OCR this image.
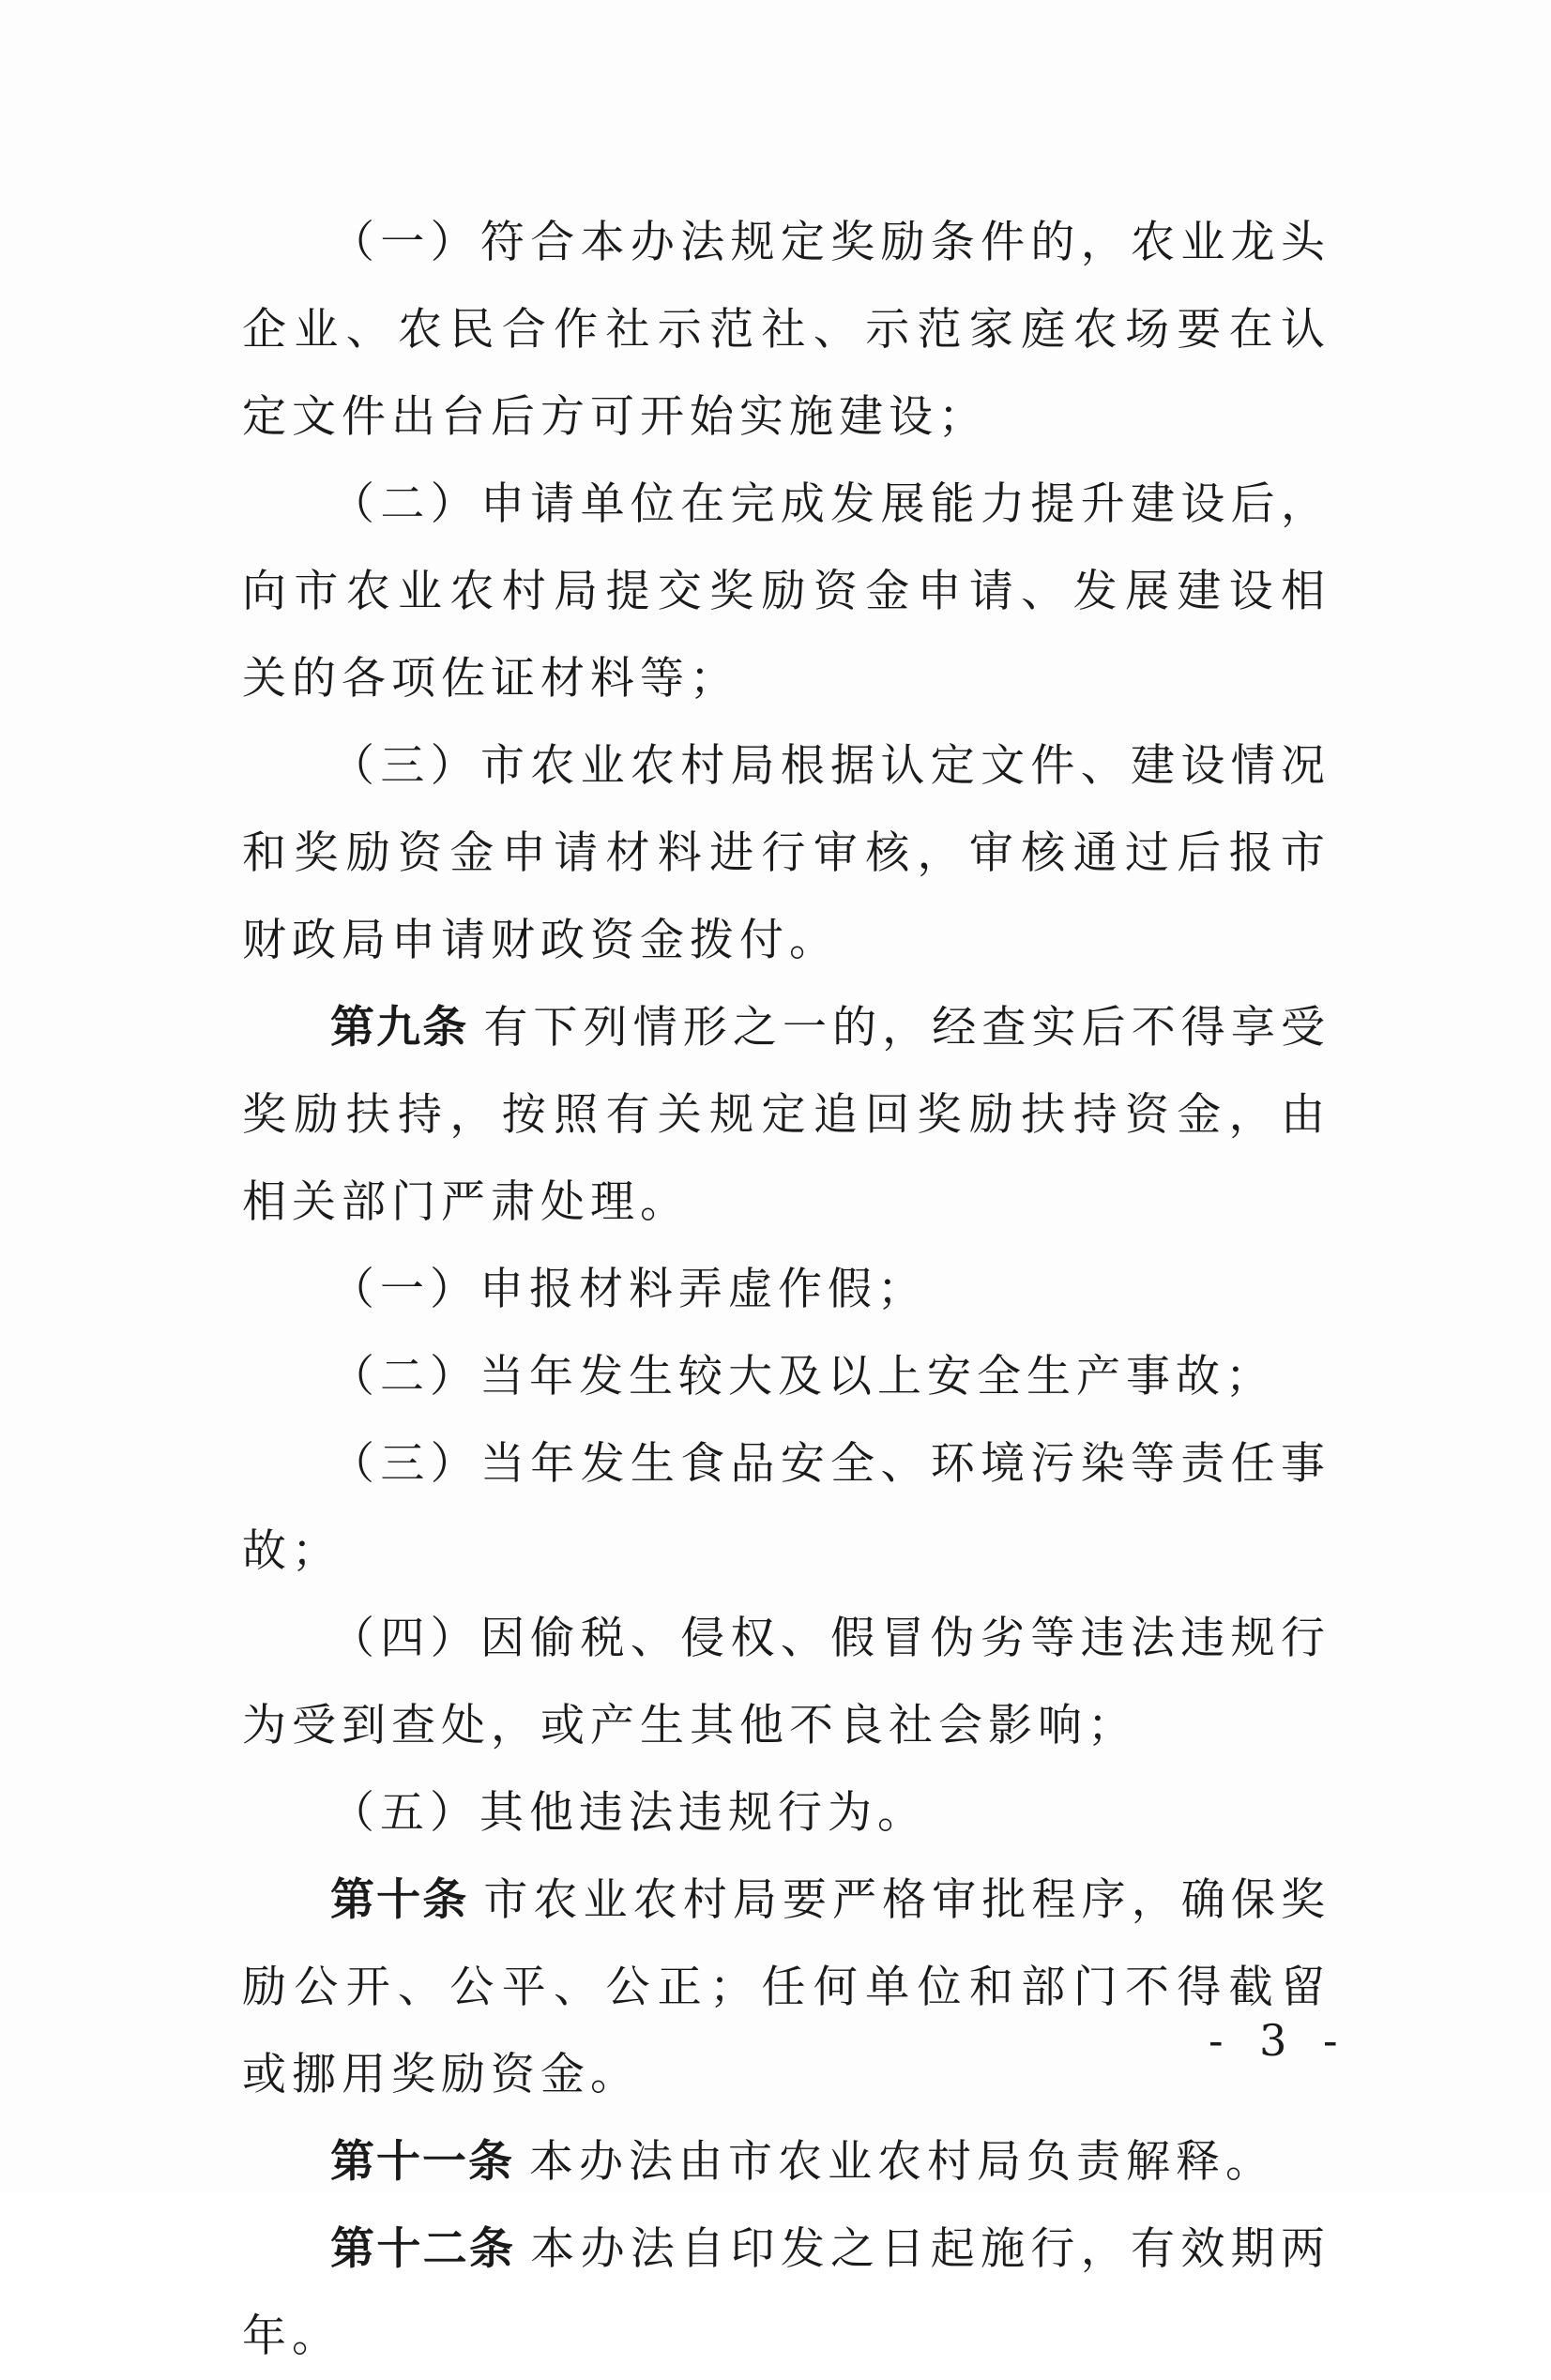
（一）符合本办法规定奖励条件的，农业龙头企业、农民合作社示范社、示范家庭农场要在认定文件出台后方可开始实施建设；

（二）申请单位在完成发展能力提升建设后，向市农业农村局提交奖励资金申请、发展建设相关的各项佐证材料等；

（三）市农业农村局根据认定文件、建设情况和奖励资金申请材料进行审核，审核通过后报市财政局申请财政资金拨付。

第九条 有下列情形之一的，经查实后不得享受奖励扶持，按照有关规定追回奖励扶持资金，由相关部门严肃处理。

（一）申报材料弄虚作假；

（二）当年发生较大及以上安全生产事故；

（三）当年发生食品安全、环境污染等责任事故；

（四）因偷税、侵权、假冒伪劣等违法违规行为受到查处，或产生其他不良社会影响；

（五）其他违法违规行为。

第十条 市农业农村局要严格审批程序，确保奖励公开、公平、公正；任何单位和部门不得截留或挪用奖励资金。

第十一条 本办法由市农业农村局负责解释。

第十二条 本办法自印发之日起施行，有效期两年。

- 3 -
